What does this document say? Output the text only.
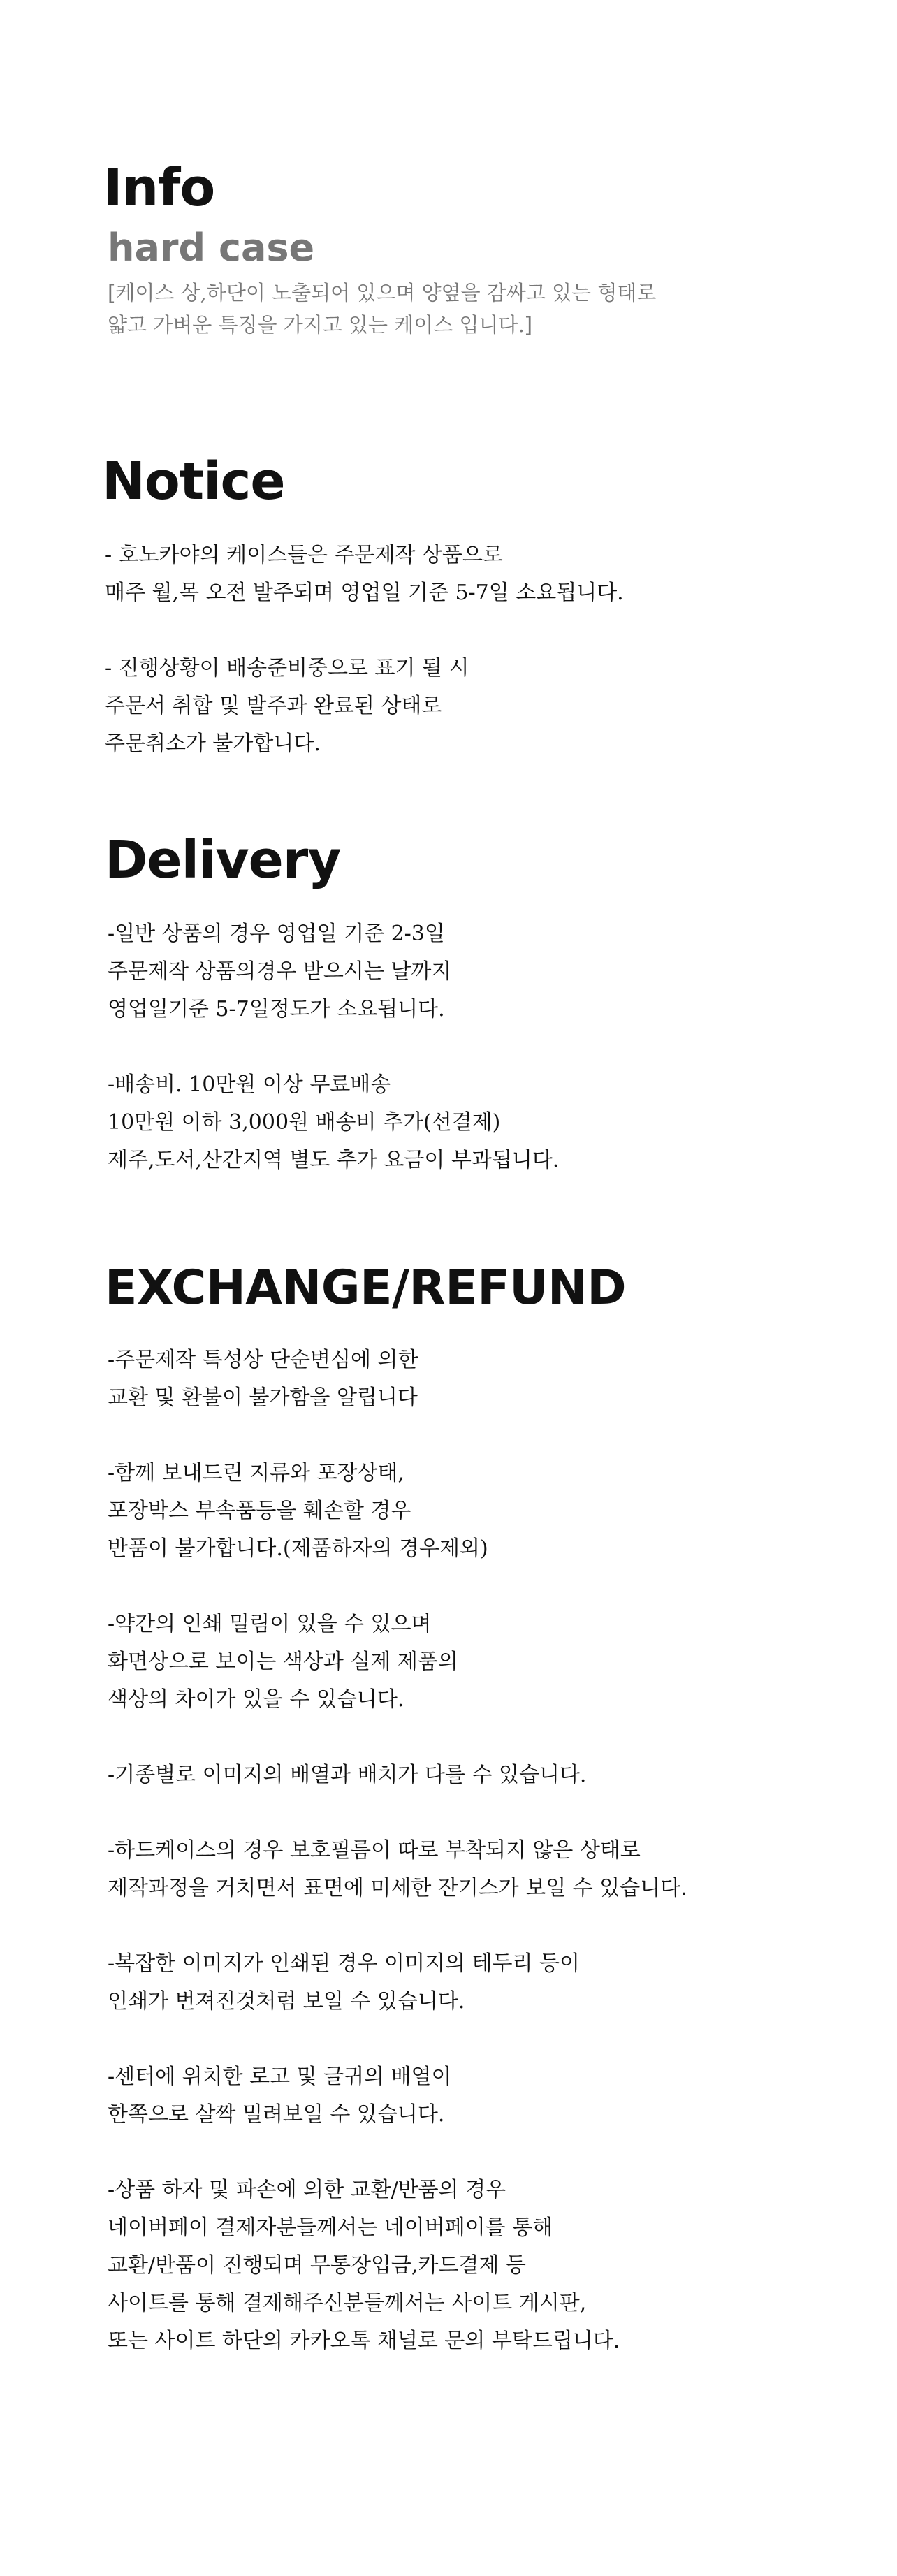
Info
hard case
[케이스 상,하단이 노출되어 있으며 양옆을 감싸고 있는 형태로
얇고 가벼운 특징을 가지고 있는 케이스 입니다.]
Notice

- 호노카야의 케이스들은 주문제작 상품으로
매주 월,목 오전 발주되며 영업일 기준 5-7일 소요됩니다.

- 진행상황이 배송준비중으로 표기 될 시
주문서 취합 및 발주과 완료된 상태로
주문취소가 불가합니다.

Delivery

-일반 상품의 경우 영업일 기준 2-3일
주문제작 상품의경우 받으시는 날까지
영업일기준 5-7일정도가 소요됩니다.

-배송비. 10만원 이상 무료배송
10만원 이하 3,000원 배송비 추가(선결제)
제주,도서,산간지역 별도 추가 요금이 부과됩니다.

EXCHANGE/REFUND

-주문제작 특성상 단순변심에 의한
교환 및 환불이 불가함을 알립니다

-함께 보내드린 지류와 포장상태,
포장박스 부속품등을 훼손할 경우
반품이 불가합니다.(제품하자의 경우제외)

-약간의 인쇄 밀림이 있을 수 있으며
화면상으로 보이는 색상과 실제 제품의
색상의 차이가 있을 수 있습니다.

-기종별로 이미지의 배열과 배치가 다를 수 있습니다.

-하드케이스의 경우 보호필름이 따로 부착되지 않은 상태로
제작과정을 거치면서 표면에 미세한 잔기스가 보일 수 있습니다.

-복잡한 이미지가 인쇄된 경우 이미지의 테두리 등이
인쇄가 번져진것처럼 보일 수 있습니다.

-센터에 위치한 로고 및 글귀의 배열이
한쪽으로 살짝 밀려보일 수 있습니다.

-상품 하자 및 파손에 의한 교환/반품의 경우
네이버페이 결제자분들께서는 네이버페이를 통해
교환/반품이 진행되며 무통장입금,카드결제 등
사이트를 통해 결제해주신분들께서는 사이트 게시판,
또는 사이트 하단의 카카오톡 채널로 문의 부탁드립니다.
